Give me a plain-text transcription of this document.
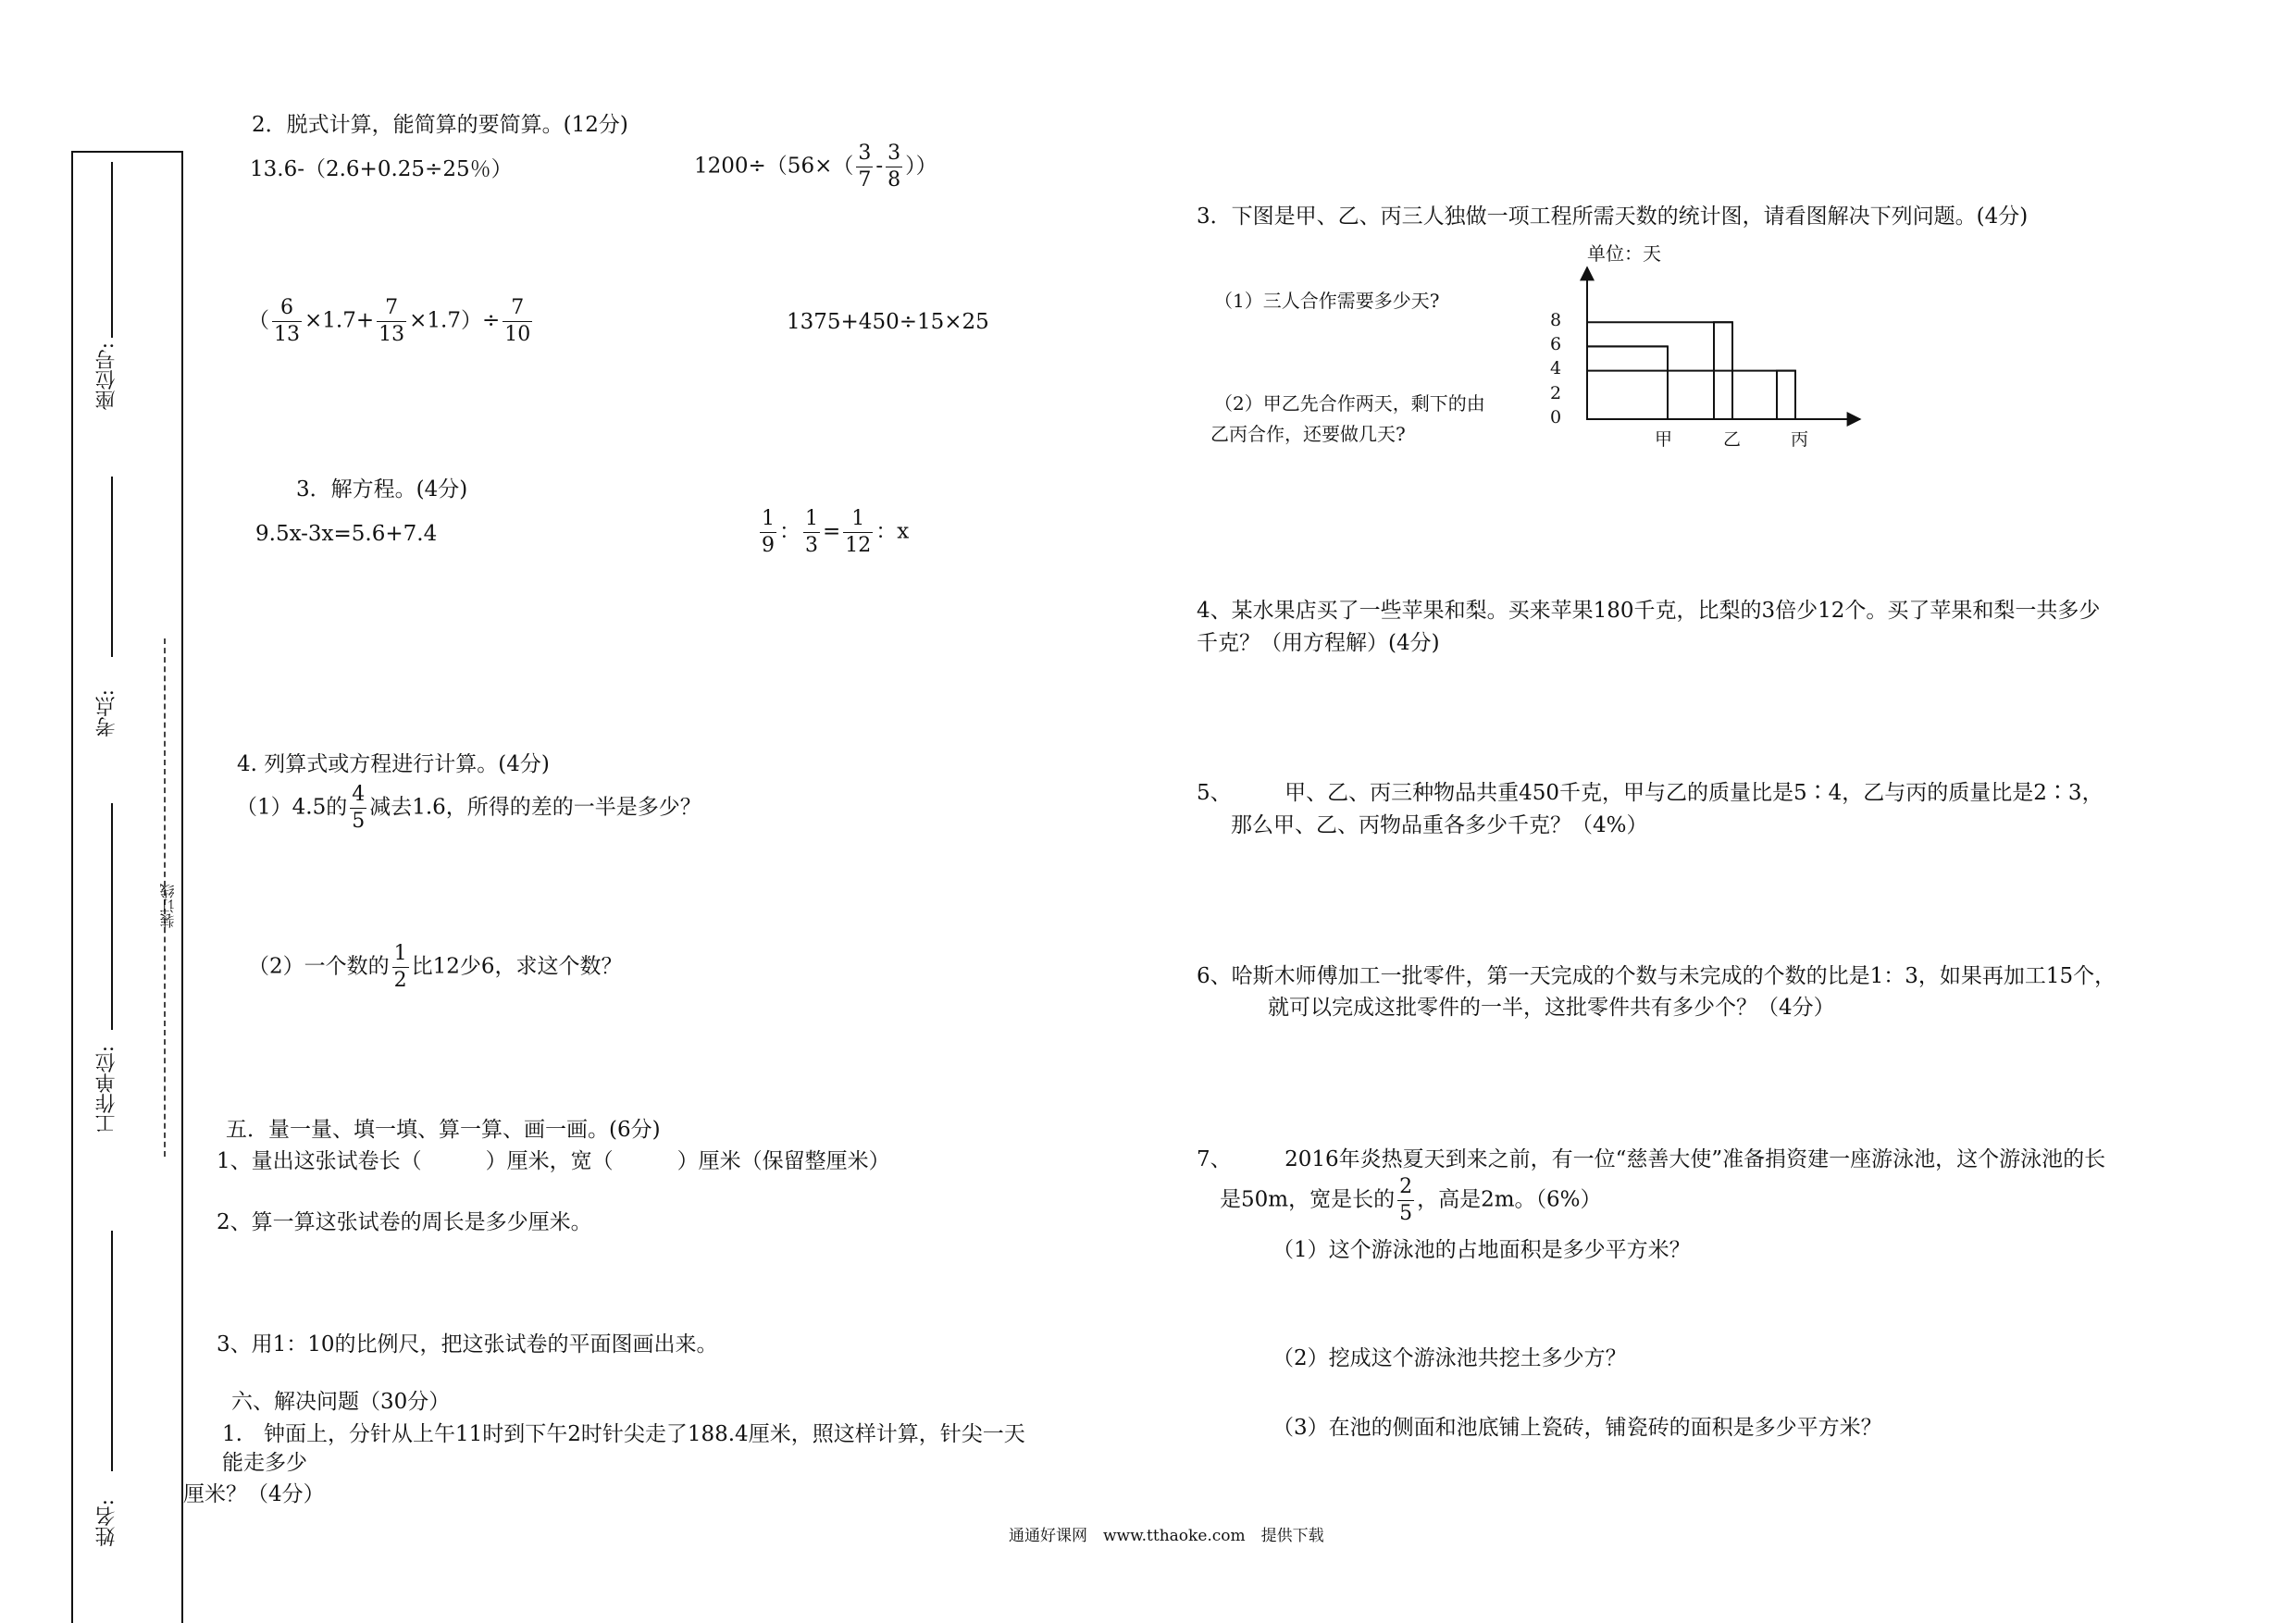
座位号:
考点:
工作单位:
装订线
姓名:
2．脱式计算，能简算的要简算。(12分)
13.6-（2.6+0.25÷25％）	$1200\div(56\times( \frac{3}{7} - \frac{3}{8}$ ））
（ $\frac{6}{13} \times 1.7+ \frac{7}{13} \times 1.7)\div \frac{7}{10}$	1375+450÷15×25
3．解方程。(4分)
9.5x-3x=5.6+7.4	$\frac{1}{9}$ ： $\frac{1}{3} = \frac{1}{12}$ ：x
4. 列算式或方程进行计算。(4分)
（1）4.5的 $\frac{4}{5}$ 减去1.6，所得的差的一半是多少？
（2）一个数的 $\frac{1}{2}$ 比12少6，求这个数？
五．量一量、填一填、算一算、画一画。(6分)
1、量出这张试卷长（　　　）厘米，宽（　　　）厘米（保留整厘米）
2、算一算这张试卷的周长是多少厘米。
3、用1：10的比例尺，把这张试卷的平面图画出来。
六、解决问题（30分）
1.　钟面上，分针从上午11时到下午2时针尖走了188.4厘米，照这样计算，针尖一天
能走多少
厘米？（4分）
3．下图是甲、乙、丙三人独做一项工程所需天数的统计图，请看图解决下列问题。(4分)
（1）三人合作需要多少天?
（2）甲乙先合作两天，剩下的由
乙丙合作，还要做几天?
单位：天
8
6
4
2
0
甲	乙	丙
4、某水果店买了一些苹果和梨。买来苹果180千克，比梨的3倍少12个。买了苹果和梨一共多少
千克？（用方程解）(4分)
5、　　　甲、乙、丙三种物品共重450千克，甲与乙的质量比是5∶4，乙与丙的质量比是2∶3，
那么甲、乙、丙物品重各多少千克？（4%）
6、哈斯木师傅加工一批零件，第一天完成的个数与未完成的个数的比是1：3，如果再加工15个，
就可以完成这批零件的一半，这批零件共有多少个？（4分）
7、　　　2016年炎热夏天到来之前，有一位“慈善大使”准备捐资建一座游泳池，这个游泳池的长
是50m，宽是长的 $\frac{2}{5}$ ，高是2m。（6%）
（1）这个游泳池的占地面积是多少平方米？
（2）挖成这个游泳池共挖土多少方？
（3）在池的侧面和池底铺上瓷砖，铺瓷砖的面积是多少平方米？
通通好课网　www.tthaoke.com　提供下载
